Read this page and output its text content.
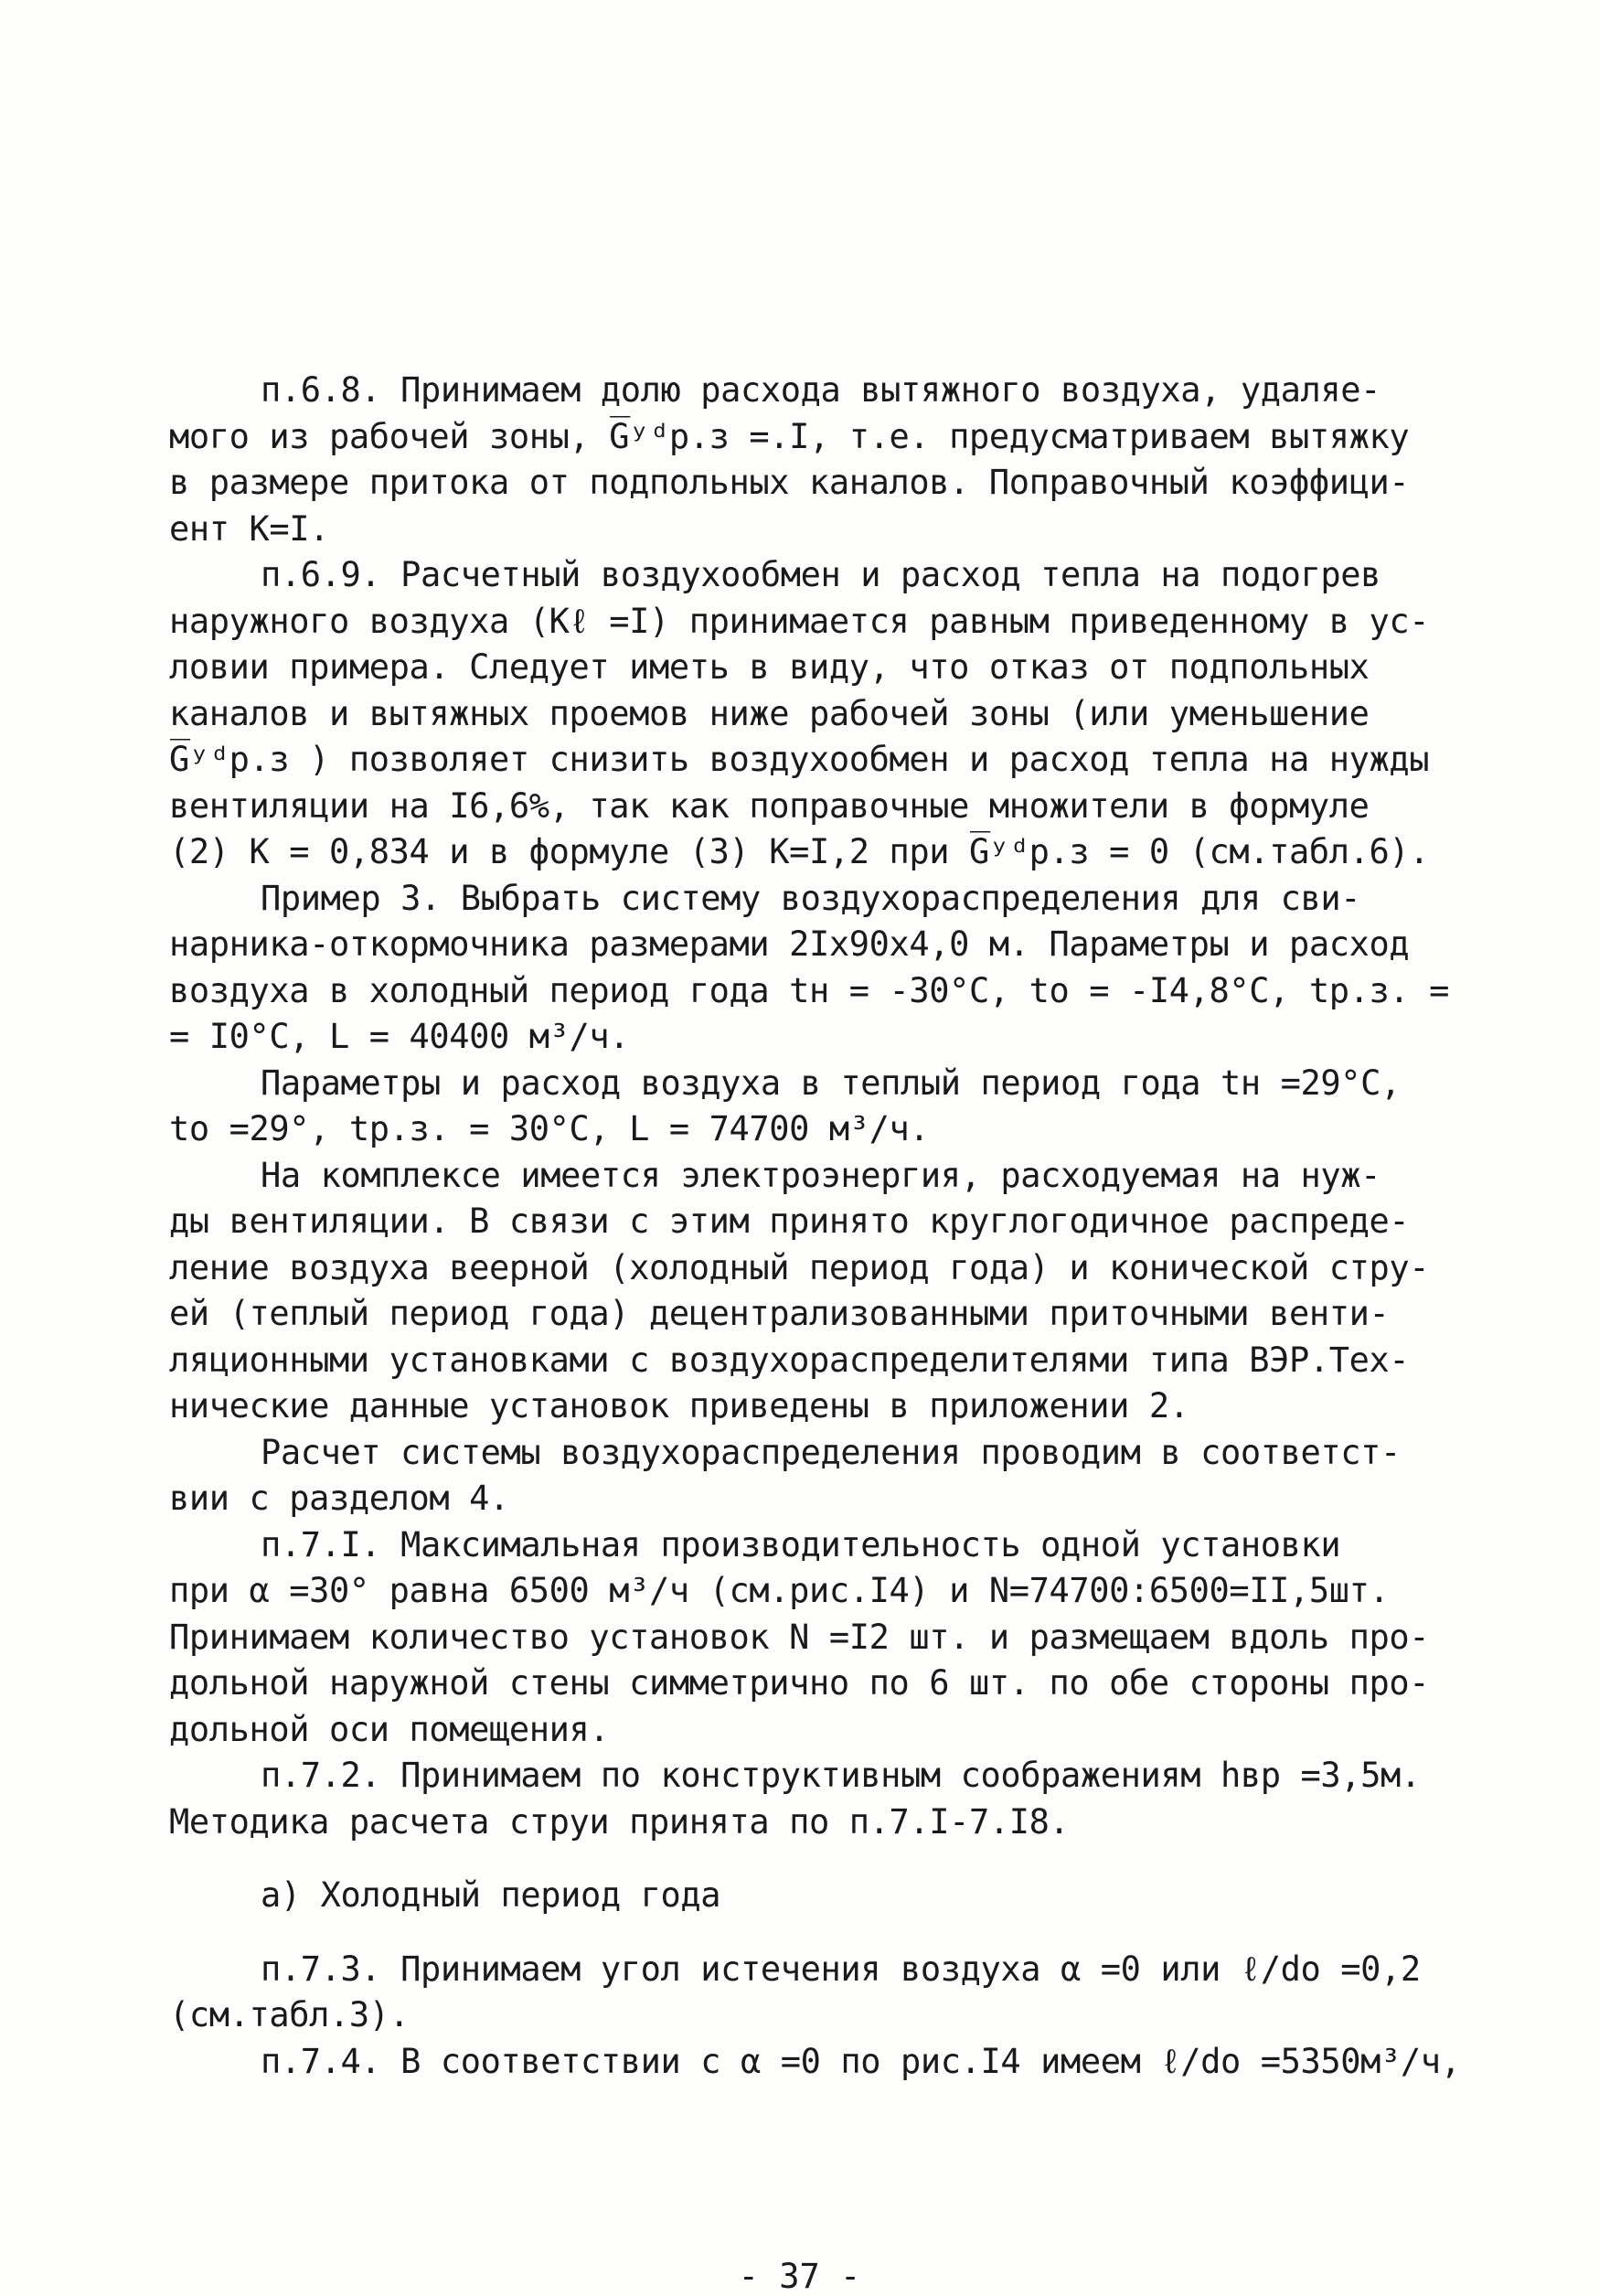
п.6.8. Принимаем долю расхода вытяжного воздуха, удаляе-
мого из рабочей зоны, G̅ʸᵈр.з =.I, т.е. предусматриваем вытяжку
в размере притока от подпольных каналов. Поправочный коэффици-
ент K=I.
п.6.9. Расчетный воздухообмен и расход тепла на подогрев
наружного воздуха (Kℓ =I) принимается равным приведенному в ус-
ловии примера. Следует иметь в виду, что отказ от подпольных
каналов и вытяжных проемов ниже рабочей зоны (или уменьшение
G̅ʸᵈр.з ) позволяет снизить воздухообмен и расход тепла на нужды
вентиляции на I6,6%, так как поправочные множители в формуле
(2) K = 0,834 и в формуле (3) K=I,2 при G̅ʸᵈр.з = 0 (см.табл.6).
Пример 3. Выбрать систему воздухораспределения для сви-
нарника-откормочника размерами 2Ix90x4,0 м. Параметры и расход
воздуха в холодный период года tн = -30°C, tо = -I4,8°C, tр.з. =
= I0°C, L = 40400 м³/ч.
Параметры и расход воздуха в теплый период года tн =29°C,
tо =29°, tр.з. = 30°C, L = 74700 м³/ч.
На комплексе имеется электроэнергия, расходуемая на нуж-
ды вентиляции. В связи с этим принято круглогодичное распреде-
ление воздуха веерной (холодный период года) и конической стру-
ей (теплый период года) децентрализованными приточными венти-
ляционными установками с воздухораспределителями типа ВЭР.Тех-
нические данные установок приведены в приложении 2.
Расчет системы воздухораспределения проводим в соответст-
вии с разделом 4.
п.7.I. Максимальная производительность одной установки
при α =30° равна 6500 м³/ч (см.рис.I4) и N=74700:6500=II,5шт.
Принимаем количество установок N =I2 шт. и размещаем вдоль про-
дольной наружной стены симметрично по 6 шт. по обе стороны про-
дольной оси помещения.
п.7.2. Принимаем по конструктивным соображениям hвр =3,5м.
Методика расчета струи принята по п.7.I-7.I8.
а) Холодный период года
п.7.3. Принимаем угол истечения воздуха α =0 или ℓ/dо =0,2
(см.табл.3).
п.7.4. В соответствии с α =0 по рис.I4 имеем ℓ/dо =5350м³/ч,
- 37 -
